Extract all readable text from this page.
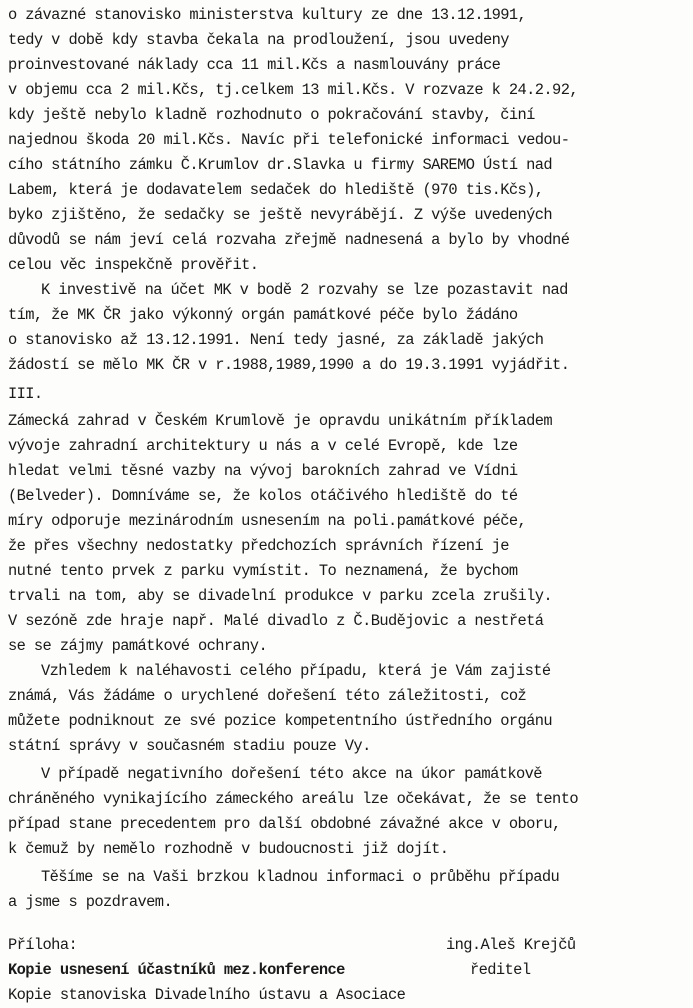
o závazné stanovisko ministerstva kultury ze dne 13.12.1991,
tedy v době kdy stavba čekala na prodloužení, jsou uvedeny
proinvestované náklady cca 11 mil.Kčs a nasmlouvány práce
v objemu cca 2 mil.Kčs, tj.celkem 13 mil.Kčs. V rozvaze k 24.2.92,
kdy ještě nebylo kladně rozhodnuto o pokračování stavby, činí
najednou škoda 20 mil.Kčs. Navíc při telefonické informaci vedou-
cího státního zámku Č.Krumlov dr.Slavka u firmy SAREMO Ústí nad
Labem, která je dodavatelem sedaček do hlediště (970 tis.Kčs),
byko zjištěno, že sedačky se ještě nevyrábějí. Z výše uvedených
důvodů se nám jeví celá rozvaha zřejmě nadnesená a bylo by vhodné
celou věc inspekčně prověřit.
K investivě na účet MK v bodě 2 rozvahy se lze pozastavit nad
tím, že MK ČR jako výkonný orgán památkové péče bylo žádáno
o stanovisko až 13.12.1991. Není tedy jasné, za základě jakých
žádostí se mělo MK ČR v r.1988,1989,1990 a do 19.3.1991 vyjádřit.
III.
Zámecká zahrad v Českém Krumlově je opravdu unikátním příkladem
vývoje zahradní architektury u nás a v celé Evropě, kde lze
hledat velmi těsné vazby na vývoj barokních zahrad ve Vídni
(Belveder). Domníváme se, že kolos otáčivého hlediště do té
míry odporuje mezinárodním usnesením na poli.památkové péče,
že přes všechny nedostatky předchozích správních řízení je
nutné tento prvek z parku vymístit. To neznamená, že bychom
trvali na tom, aby se divadelní produkce v parku zcela zrušily.
V sezóně zde hraje např. Malé divadlo z Č.Budějovic a nestřetá
se se zájmy památkové ochrany.
Vzhledem k naléhavosti celého případu, která je Vám zajisté
známá, Vás žádáme o urychlené dořešení této záležitosti, což
můžete podniknout ze své pozice kompetentního ústředního orgánu
státní správy v současném stadiu pouze Vy.
V případě negativního dořešení této akce na úkor památkově
chráněného vynikajícího zámeckého areálu lze očekávat, že se tento
případ stane precedentem pro další obdobné závažné akce v oboru,
k čemuž by nemělo rozhodně v budoucnosti již dojít.
Těšíme se na Vaši brzkou kladnou informaci o průběhu případu
a jsme s pozdravem.
Příloha:	ing.Aleš Krejčů
Kopie usnesení účastníků mez.konference	ředitel
Kopie stanoviska Divadelního ústavu a Asociace
